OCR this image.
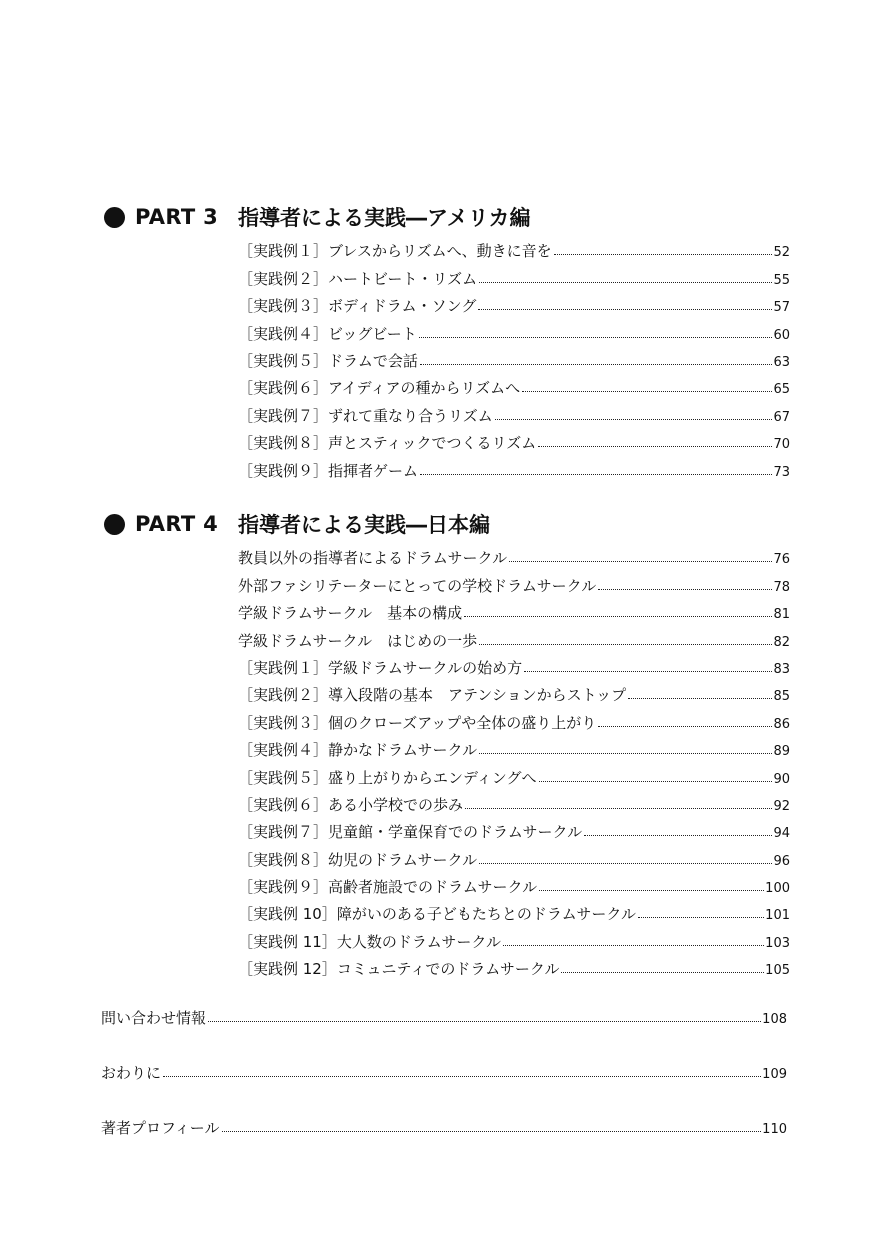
PART 3 指導者による実践―アメリカ編
［実践例１］ブレスからリズムへ、動きに音を	52
［実践例２］ハートビート・リズム	55
［実践例３］ボディドラム・ソング	57
［実践例４］ビッグビート	60
［実践例５］ドラムで会話	63
［実践例６］アイディアの種からリズムへ	65
［実践例７］ずれて重なり合うリズム	67
［実践例８］声とスティックでつくるリズム	70
［実践例９］指揮者ゲーム	73
PART 4 指導者による実践―日本編
教員以外の指導者によるドラムサークル	76
外部ファシリテーターにとっての学校ドラムサークル	78
学級ドラムサークル　基本の構成	81
学級ドラムサークル　はじめの一歩	82
［実践例１］学級ドラムサークルの始め方	83
［実践例２］導入段階の基本　アテンションからストップ	85
［実践例３］個のクローズアップや全体の盛り上がり	86
［実践例４］静かなドラムサークル	89
［実践例５］盛り上がりからエンディングへ	90
［実践例６］ある小学校での歩み	92
［実践例７］児童館・学童保育でのドラムサークル	94
［実践例８］幼児のドラムサークル	96
［実践例９］高齢者施設でのドラムサークル	100
［実践例 10］障がいのある子どもたちとのドラムサークル	101
［実践例 11］大人数のドラムサークル	103
［実践例 12］コミュニティでのドラムサークル	105
問い合わせ情報	108
おわりに	109
著者プロフィール	110
